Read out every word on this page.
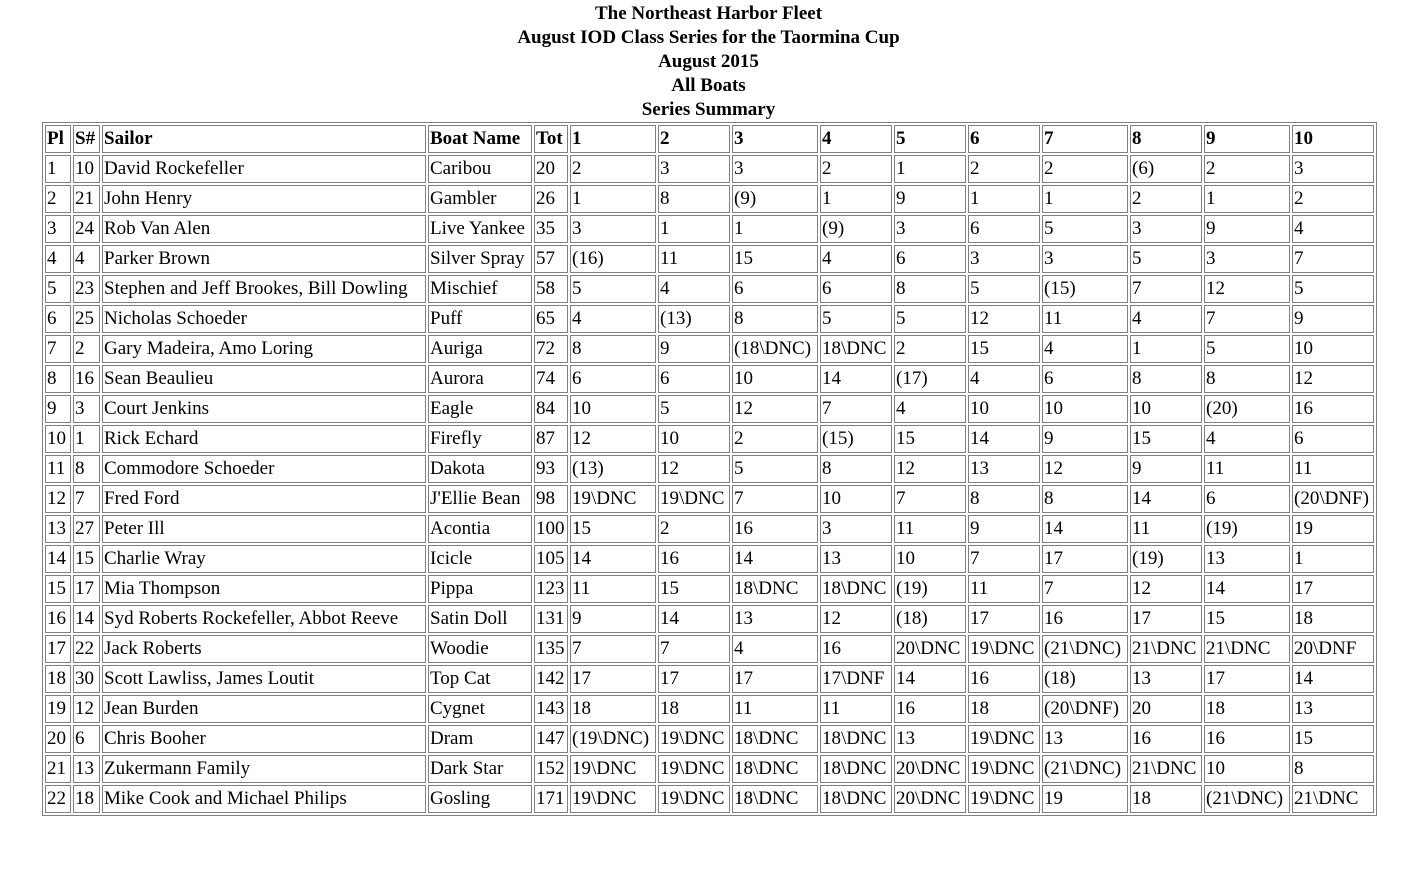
The Northeast Harbor Fleet
August IOD Class Series for the Taormina Cup
August 2015
All Boats
Series Summary
Pl	S#	Sailor	Boat Name	Tot	1	2	3	4	5	6	7	8	9	10
1	10	David Rockefeller	Caribou	20	2	3	3	2	1	2	2	(6)	2	3
2	21	John Henry	Gambler	26	1	8	(9)	1	9	1	1	2	1	2
3	24	Rob Van Alen	Live Yankee	35	3	1	1	(9)	3	6	5	3	9	4
4	4	Parker Brown	Silver Spray	57	(16)	11	15	4	6	3	3	5	3	7
5	23	Stephen and Jeff Brookes, Bill Dowling	Mischief	58	5	4	6	6	8	5	(15)	7	12	5
6	25	Nicholas Schoeder	Puff	65	4	(13)	8	5	5	12	11	4	7	9
7	2	Gary Madeira, Amo Loring	Auriga	72	8	9	(18\DNC)	18\DNC	2	15	4	1	5	10
8	16	Sean Beaulieu	Aurora	74	6	6	10	14	(17)	4	6	8	8	12
9	3	Court Jenkins	Eagle	84	10	5	12	7	4	10	10	10	(20)	16
10	1	Rick Echard	Firefly	87	12	10	2	(15)	15	14	9	15	4	6
11	8	Commodore Schoeder	Dakota	93	(13)	12	5	8	12	13	12	9	11	11
12	7	Fred Ford	J'Ellie Bean	98	19\DNC	19\DNC	7	10	7	8	8	14	6	(20\DNF)
13	27	Peter Ill	Acontia	100	15	2	16	3	11	9	14	11	(19)	19
14	15	Charlie Wray	Icicle	105	14	16	14	13	10	7	17	(19)	13	1
15	17	Mia Thompson	Pippa	123	11	15	18\DNC	18\DNC	(19)	11	7	12	14	17
16	14	Syd Roberts Rockefeller, Abbot Reeve	Satin Doll	131	9	14	13	12	(18)	17	16	17	15	18
17	22	Jack Roberts	Woodie	135	7	7	4	16	20\DNC	19\DNC	(21\DNC)	21\DNC	21\DNC	20\DNF
18	30	Scott Lawliss, James Loutit	Top Cat	142	17	17	17	17\DNF	14	16	(18)	13	17	14
19	12	Jean Burden	Cygnet	143	18	18	11	11	16	18	(20\DNF)	20	18	13
20	6	Chris Booher	Dram	147	(19\DNC)	19\DNC	18\DNC	18\DNC	13	19\DNC	13	16	16	15
21	13	Zukermann Family	Dark Star	152	19\DNC	19\DNC	18\DNC	18\DNC	20\DNC	19\DNC	(21\DNC)	21\DNC	10	8
22	18	Mike Cook and Michael Philips	Gosling	171	19\DNC	19\DNC	18\DNC	18\DNC	20\DNC	19\DNC	19	18	(21\DNC)	21\DNC
